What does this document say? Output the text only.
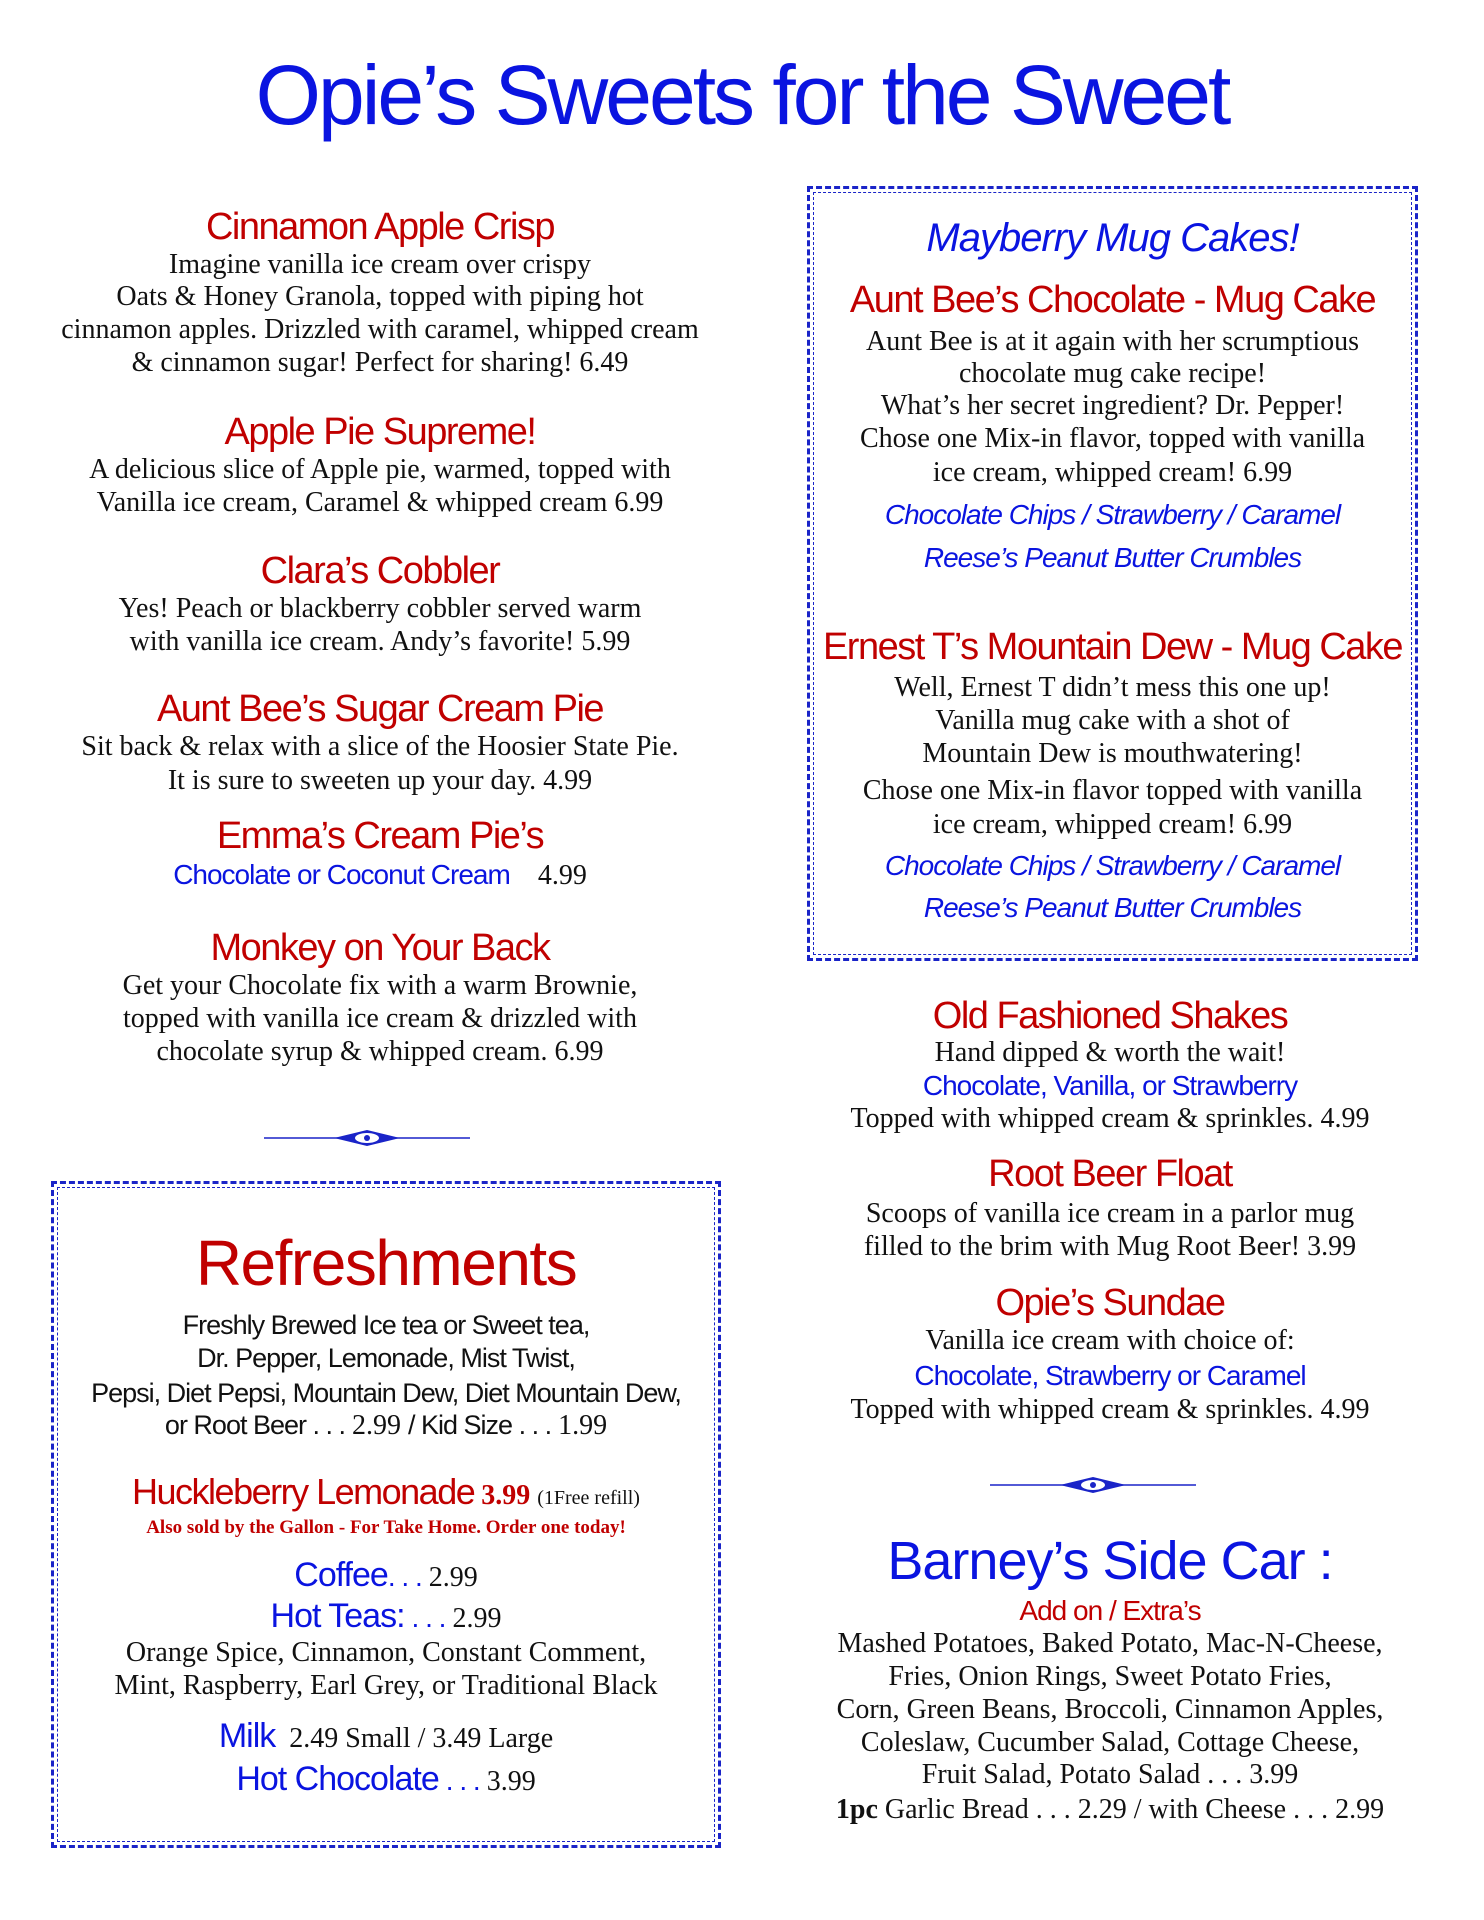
Opie’s Sweets for the Sweet
Cinnamon Apple Crisp
Imagine vanilla ice cream over crispy
Oats & Honey Granola, topped with piping hot
cinnamon apples. Drizzled with caramel, whipped cream
& cinnamon sugar! Perfect for sharing! 6.49
Apple Pie Supreme!
A delicious slice of Apple pie, warmed, topped with
Vanilla ice cream, Caramel & whipped cream 6.99
Clara’s Cobbler
Yes! Peach or blackberry cobbler served warm
with vanilla ice cream. Andy’s favorite! 5.99
Aunt Bee’s Sugar Cream Pie
Sit back & relax with a slice of the Hoosier State Pie.
It is sure to sweeten up your day. 4.99
Emma’s Cream Pie’s
Chocolate or Coconut Cream 4.99
Monkey on Your Back
Get your Chocolate fix with a warm Brownie,
topped with vanilla ice cream & drizzled with
chocolate syrup & whipped cream. 6.99
Refreshments
Freshly Brewed Ice tea or Sweet tea,
Dr. Pepper, Lemonade, Mist Twist,
Pepsi, Diet Pepsi, Mountain Dew, Diet Mountain Dew,
or Root Beer . . . 2.99 / Kid Size . . . 1.99
Huckleberry Lemonade 3.99 (1Free refill)
Also sold by the Gallon - For Take Home. Order one today!
Coffee. . . 2.99
Hot Teas: . . . 2.99
Orange Spice, Cinnamon, Constant Comment,
Mint, Raspberry, Earl Grey, or Traditional Black
Milk 2.49 Small / 3.49 Large
Hot Chocolate . . . 3.99
Mayberry Mug Cakes!
Aunt Bee’s Chocolate - Mug Cake
Aunt Bee is at it again with her scrumptious
chocolate mug cake recipe!
What’s her secret ingredient? Dr. Pepper!
Chose one Mix-in flavor, topped with vanilla
ice cream, whipped cream! 6.99
Chocolate Chips / Strawberry / Caramel
Reese’s Peanut Butter Crumbles
Ernest T’s Mountain Dew - Mug Cake
Well, Ernest T didn’t mess this one up!
Vanilla mug cake with a shot of
Mountain Dew is mouthwatering!
Chose one Mix-in flavor topped with vanilla
ice cream, whipped cream! 6.99
Chocolate Chips / Strawberry / Caramel
Reese’s Peanut Butter Crumbles
Old Fashioned Shakes
Hand dipped & worth the wait!
Chocolate, Vanilla, or Strawberry
Topped with whipped cream & sprinkles. 4.99
Root Beer Float
Scoops of vanilla ice cream in a parlor mug
filled to the brim with Mug Root Beer! 3.99
Opie’s Sundae
Vanilla ice cream with choice of:
Chocolate, Strawberry or Caramel
Topped with whipped cream & sprinkles. 4.99
Barney’s Side Car :
Add on / Extra’s
Mashed Potatoes, Baked Potato, Mac-N-Cheese,
Fries, Onion Rings, Sweet Potato Fries,
Corn, Green Beans, Broccoli, Cinnamon Apples,
Coleslaw, Cucumber Salad, Cottage Cheese,
Fruit Salad, Potato Salad . . . 3.99
1pc Garlic Bread . . . 2.29 / with Cheese . . . 2.99
